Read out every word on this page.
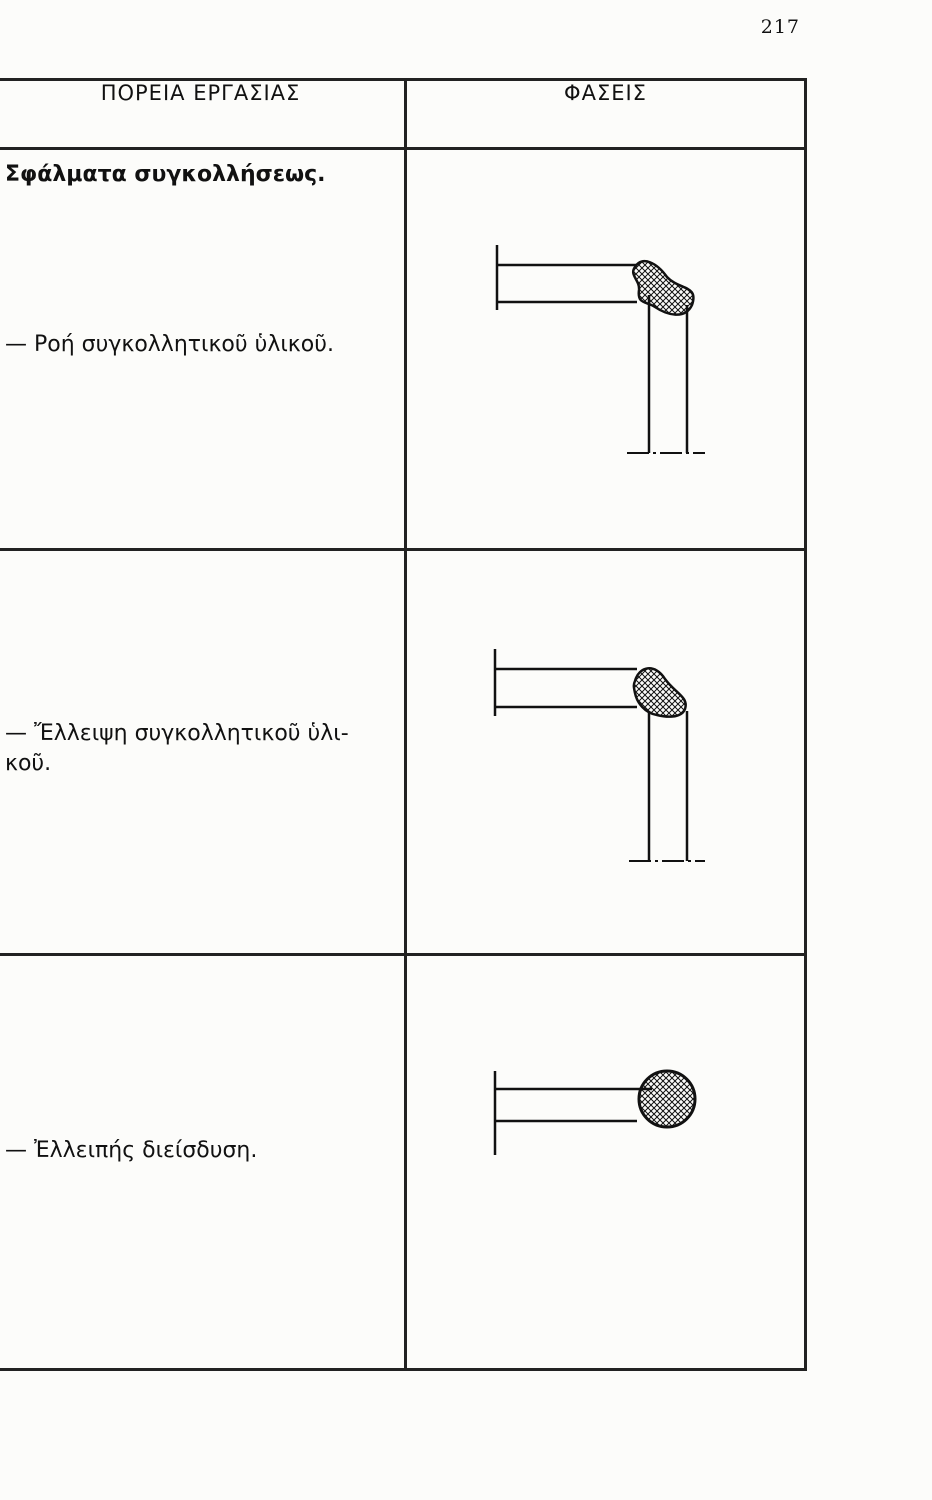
217

ΠΟΡΕΙΑ ΕΡΓΑΣΙΑΣ	ΦΑΣΕΙΣ

Σφάλματα συγκολλήσεως.
— Ροή συγκολλητικοῦ ὑλικοῦ.

— Ἔλλειψη συγκολλητικοῦ ὑλι-
κοῦ.

— Ἐλλειπής διείσδυση.
